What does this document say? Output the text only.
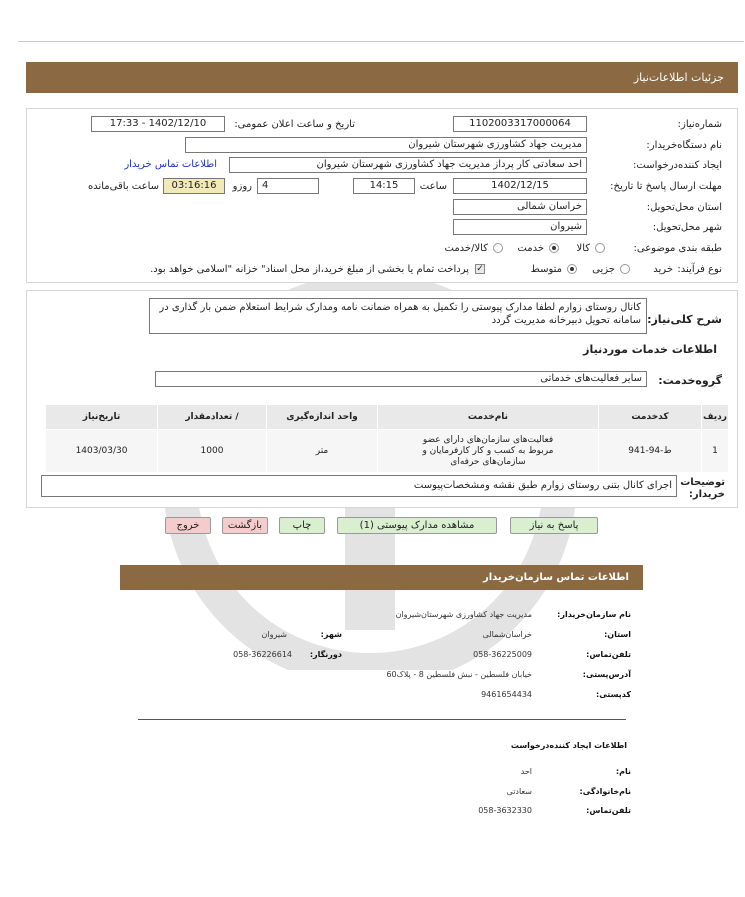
جزئیات اطلاعات‌نیاز
شماره‌نیاز:
1102003317000064
تاریخ و ساعت اعلان عمومی:
1402/12/10 - 17:33
نام دستگاه‌خریدار:
مدیریت جهاد کشاورزی شهرستان شیروان
ایجاد کننده‌درخواست:
احد سعادتی کار پرداز مدیریت جهاد کشاورزی شهرستان شیروان
اطلاعات تماس خریدار
مهلت ارسال پاسخ تا تاریخ:
1402/12/15
ساعت
14:15
4
روزو
03:16:16
ساعت باقی‌مانده
استان محل‌تحویل:
خراسان شمالی
شهر محل‌تحویل:
شیروان
طبقه بندی موضوعی:
کالا
خدمت
کالا/خدمت
نوع فرآیند:
خرید
جزیی
متوسط
✓
پرداخت تمام یا بخشی از مبلغ خرید،از محل اسناد" خزانه "اسلامی خواهد بود.
شرح کلی‌نیاز:
کانال روستای زوارم لطفا مدارک پیوستی را تکمیل به همراه ضمانت نامه ومدارک شرایط استعلام ضمن بار گذاری در سامانه تحویل دبیرخانه مدیریت گردد
اطلاعات خدمات موردنیاز
گروه‌خدمت:
سایر فعالیت‌های خدماتی
ردیف	کدخدمت	نام‌خدمت	واحد اندازه‌گیری	/ تعدادمقدار	تاریخ‌نیاز
1	ط-94-941	فعالیت‌های سازمان‌های دارای عضو مربوط به کسب و کار کارفرمایان و سازمان‌های حرفه‌ای	متر	1000	1403/03/30
توضیحات خریدار:
اجرای کانال بتنی روستای زوارم طبق نقشه ومشخصات‌پیوست
پاسخ به نیاز
مشاهده مدارک پیوستی (1)
چاپ
بازگشت
خروج
اطلاعات تماس سازمان‌خریدار
نام سازمان‌خریدار:
مدیریت جهاد کشاورزی شهرستان‌شیروان
استان:
خراسان‌شمالی
شهر:
شیروان
تلفن‌تماس:
058-36225009
دورنگار:
058-36226614
آدرس‌پستی:
خیابان فلسطین - نبش فلسطین 8 - پلاک60
کد‌پستی:
9461654434
اطلاعات ایجاد کننده‌درخواست
نام:
احد
نام‌خانوادگی:
سعادتی
تلفن‌تماس:
058-3632330
